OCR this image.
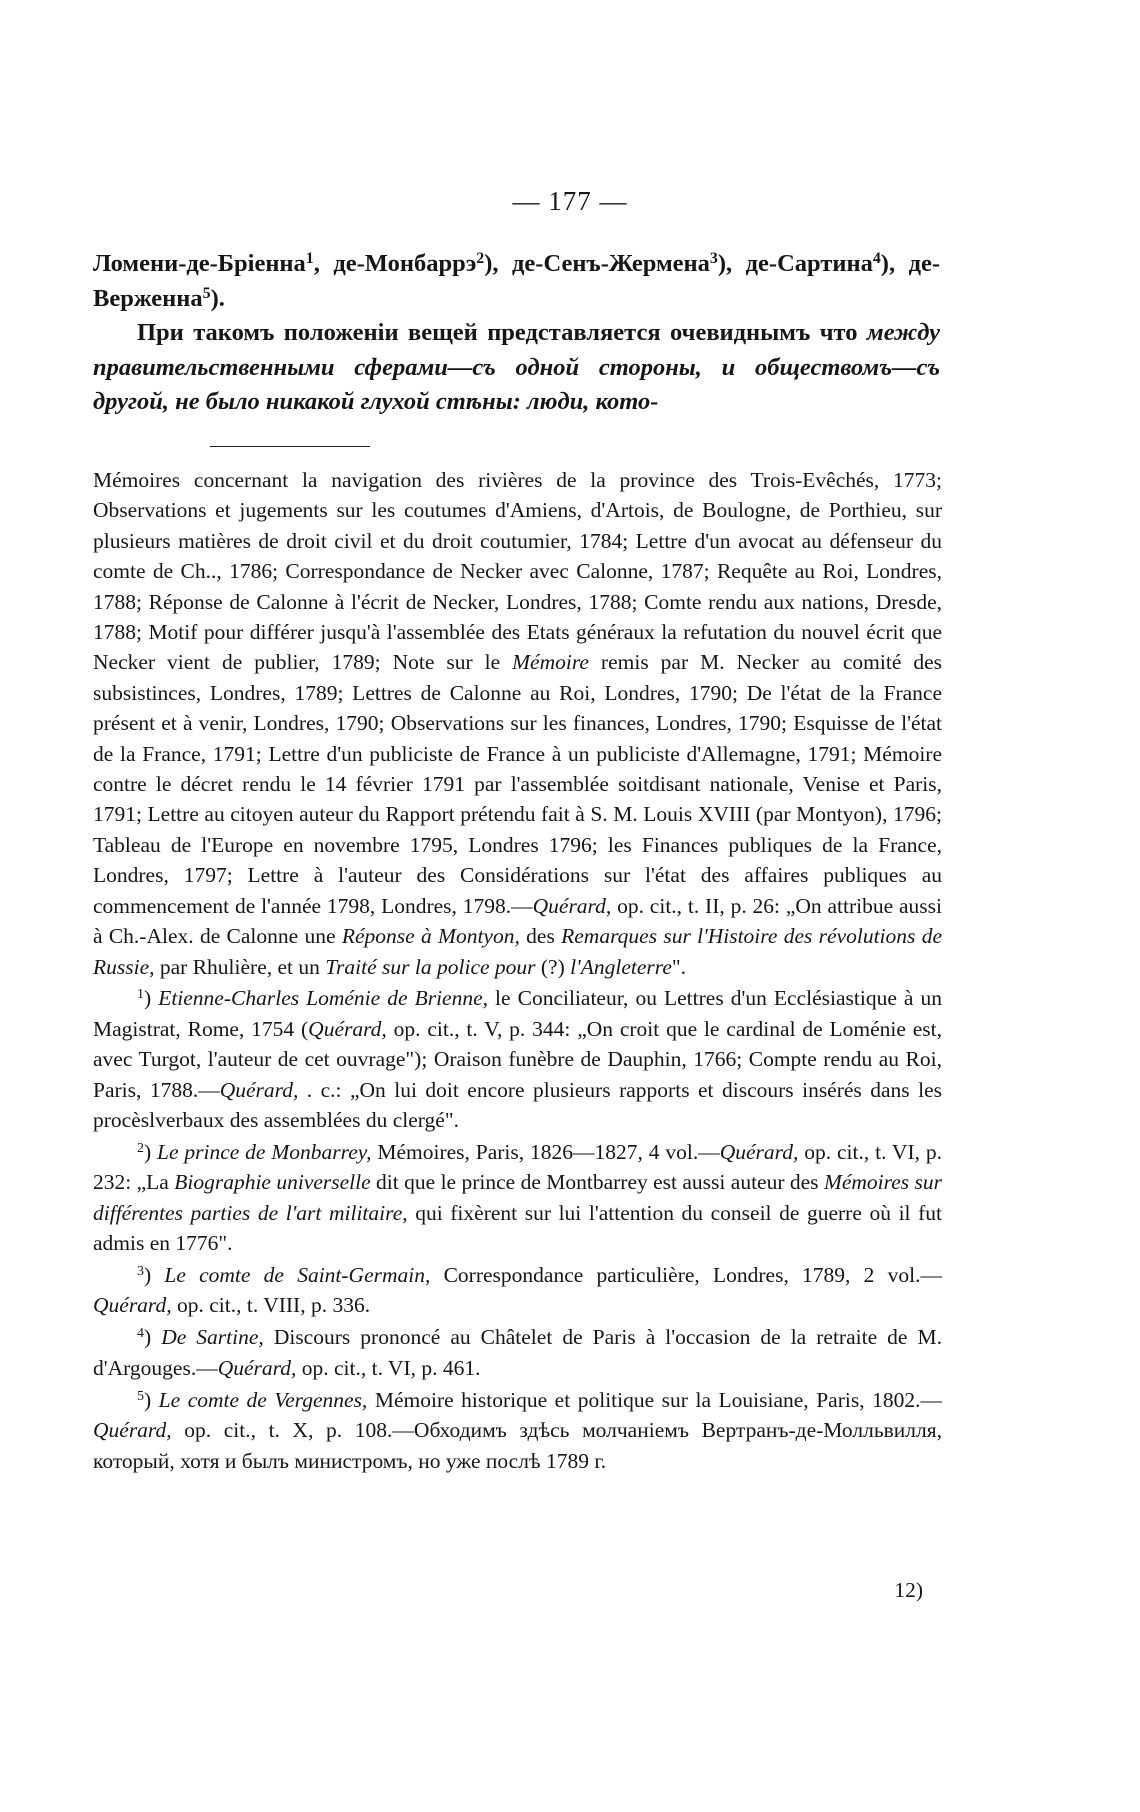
— 177 —

Ломени-де-Бріенна$^1$, де-Монбаррэ$^2$), де-Сенъ-Жермена$^3$), де-Сартина$^4$), де-Верженна$^5$).

При такомъ положеніи вещей представляется очевиднымъ что между правительственными сферами—съ одной стороны, и обществомъ—съ другой, не было никакой глухой стѣны: люди, кото-

Mémoires concernant la navigation des rivières de la province des Trois-Evêchés, 1773; Observations et jugements sur les coutumes d'Amiens, d'Artois, de Boulogne, de Porthieu, sur plusieurs matières de droit civil et du droit coutumier, 1784; Lettre d'un avocat au défenseur du comte de Ch.., 1786; Correspondance de Necker avec Calonne, 1787; Requête au Roi, Londres, 1788; Réponse de Calonne à l'écrit de Necker, Londres, 1788; Comte rendu aux nations, Dresde, 1788; Motif pour différer jusqu'à l'assemblée des Etats généraux la refutation du nouvel écrit que Necker vient de publier, 1789; Note sur le Mémoire remis par M. Necker au comité des subsistinces, Londres, 1789; Lettres de Calonne au Roi, Londres, 1790; De l'état de la France présent et à venir, Londres, 1790; Observations sur les finances, Londres, 1790; Esquisse de l'état de la France, 1791; Lettre d'un publiciste de France à un publiciste d'Allemagne, 1791; Mémoire contre le décret rendu le 14 février 1791 par l'assemblée soitdisant nationale, Venise et Paris, 1791; Lettre au citoyen auteur du Rapport prétendu fait à S. M. Louis XVIII (par Montyon), 1796; Tableau de l'Europe en novembre 1795, Londres 1796; les Finances publiques de la France, Londres, 1797; Lettre à l'auteur des Considérations sur l'état des affaires publiques au commencement de l'année 1798, Londres, 1798.—Quérard, op. cit., t. II, p. 26: „On attribue aussi à Ch.-Alex. de Calonne une Réponse à Montyon, des Remarques sur l'Histoire des révolutions de Russie, par Rhulière, et un Traité sur la police pour (?) l'Angleterre".

$^1$) Etienne-Charles Loménie de Brienne, le Conciliateur, ou Lettres d'un Ecclésiastique à un Magistrat, Rome, 1754 (Quérard, op. cit., t. V, p. 344: „On croit que le cardinal de Loménie est, avec Turgot, l'auteur de cet ouvrage"); Oraison funèbre de Dauphin, 1766; Compte rendu au Roi, Paris, 1788.—Quérard, . c.: „On lui doit encore plusieurs rapports et discours insérés dans les procèslverbaux des assemblées du clergé".

$^2$) Le prince de Monbarrey, Mémoires, Paris, 1826—1827, 4 vol.—Quérard, op. cit., t. VI, p. 232: „La Biographie universelle dit que le prince de Montbarrey est aussi auteur des Mémoires sur différentes parties de l'art militaire, qui fixèrent sur lui l'attention du conseil de guerre où il fut admis en 1776".

$^3$) Le comte de Saint-Germain, Correspondance particulière, Londres, 1789, 2 vol.—Quérard, op. cit., t. VIII, p. 336.

$^4$) De Sartine, Discours prononcé au Châtelet de Paris à l'occasion de la retraite de M. d'Argouges.—Quérard, op. cit., t. VI, p. 461.

$^5$) Le comte de Vergennes, Mémoire historique et politique sur la Louisiane, Paris, 1802.—Quérard, op. cit., t. X, p. 108.—Обходимъ здѣсь молчаніемъ Вертранъ-де-Молльвилля, который, хотя и былъ министромъ, но уже послѣ 1789 г.

12)
